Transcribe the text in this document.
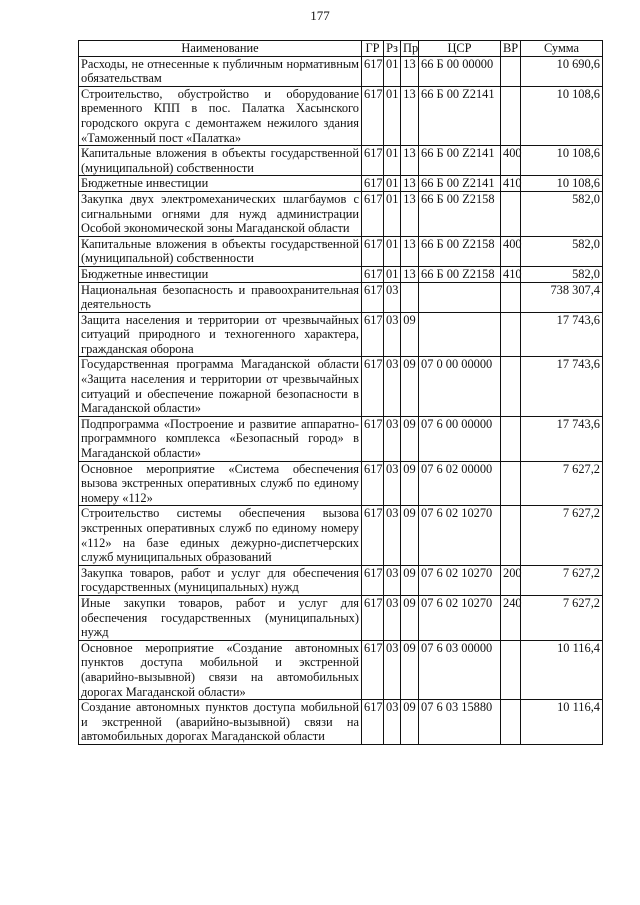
177
Наименование	ГР	Рз	Пр	ЦСР	ВР	Сумма
Расходы, не отнесенные к публичным нормативным обязательствам	617	01	13	66 Б 00 00000		10 690,6
Строительство, обустройство и оборудование временного КПП в пос. Палатка Хасынского городского округа с демонтажем нежилого здания «Таможенный пост «Палатка»	617	01	13	66 Б 00 Z2141		10 108,6
Капитальные вложения в объекты государственной (муниципальной) собственности	617	01	13	66 Б 00 Z2141	400	10 108,6
Бюджетные инвестиции	617	01	13	66 Б 00 Z2141	410	10 108,6
Закупка двух электромеханических шлагбаумов с сигнальными огнями для нужд администрации Особой экономической зоны Магаданской области	617	01	13	66 Б 00 Z2158		582,0
Капитальные вложения в объекты государственной (муниципальной) собственности	617	01	13	66 Б 00 Z2158	400	582,0
Бюджетные инвестиции	617	01	13	66 Б 00 Z2158	410	582,0
Национальная безопасность и правоохранительная деятельность	617	03				738 307,4
Защита населения и территории от чрезвычайных ситуаций природного и техногенного характера, гражданская оборона	617	03	09			17 743,6
Государственная программа Магаданской области «Защита населения и территории от чрезвычайных ситуаций и обеспечение пожарной безопасности в Магаданской области»	617	03	09	07 0 00 00000		17 743,6
Подпрограмма «Построение и развитие аппаратно-программного комплекса «Безопасный город» в Магаданской области»	617	03	09	07 6 00 00000		17 743,6
Основное мероприятие «Система обеспечения вызова экстренных оперативных служб по единому номеру «112»	617	03	09	07 6 02 00000		7 627,2
Строительство системы обеспечения вызова экстренных оперативных служб по единому номеру «112» на базе единых дежурно-диспетчерских служб муниципальных образований	617	03	09	07 6 02 10270		7 627,2
Закупка товаров, работ и услуг для обеспечения государственных (муниципальных) нужд	617	03	09	07 6 02 10270	200	7 627,2
Иные закупки товаров, работ и услуг для обеспечения государственных (муниципальных) нужд	617	03	09	07 6 02 10270	240	7 627,2
Основное мероприятие «Создание автономных пунктов доступа мобильной и экстренной (аварийно-вызывной) связи на автомобильных дорогах Магаданской области»	617	03	09	07 6 03 00000		10 116,4
Создание автономных пунктов доступа мобильной и экстренной (аварийно-вызывной) связи на автомобильных дорогах Магаданской области	617	03	09	07 6 03 15880		10 116,4
